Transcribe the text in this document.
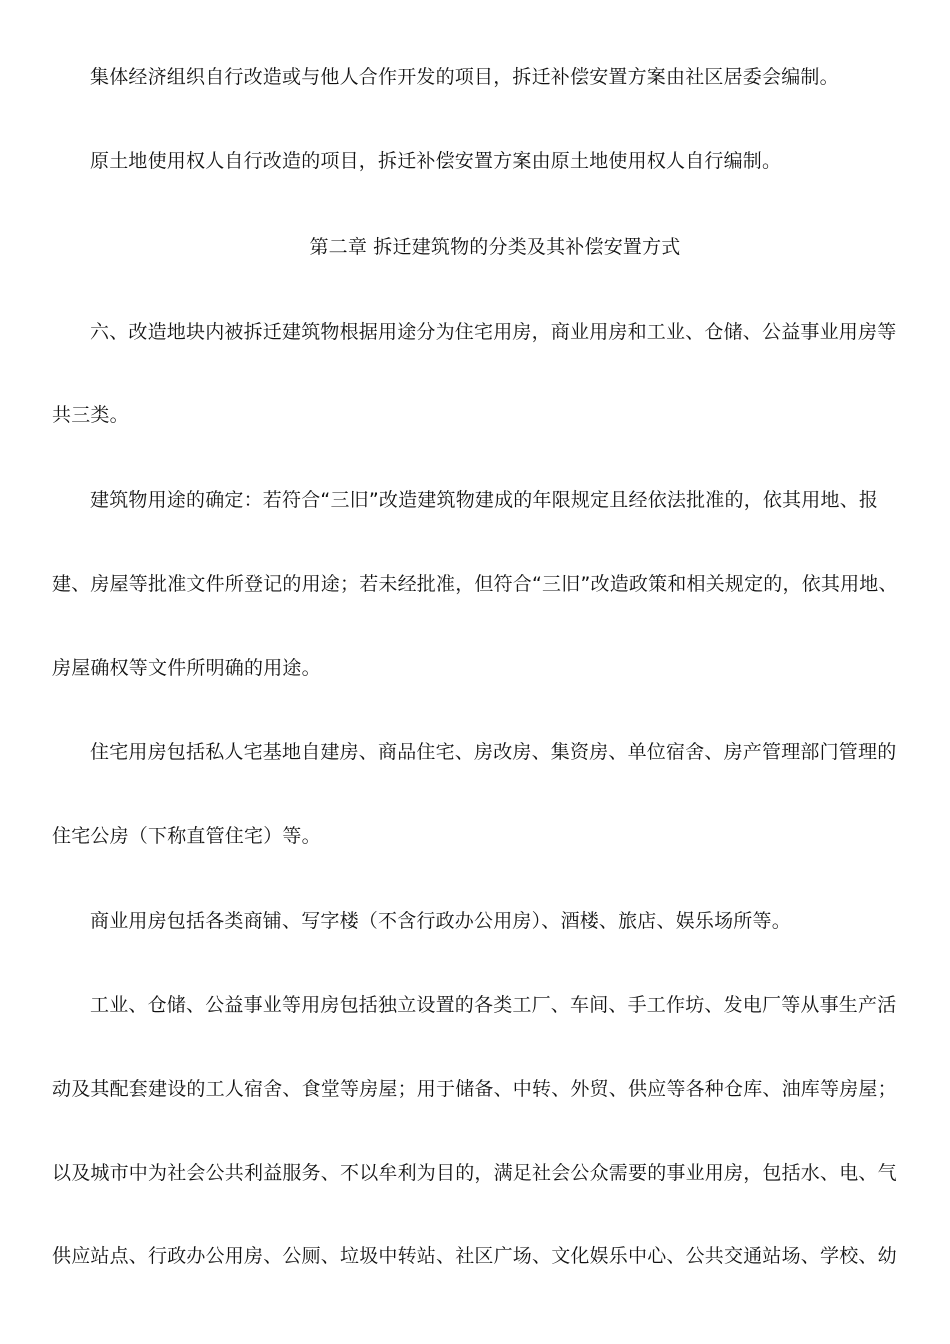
集体经济组织自行改造或与他人合作开发的项目，拆迁补偿安置方案由社区居委会编制。
原土地使用权人自行改造的项目，拆迁补偿安置方案由原土地使用权人自行编制。
第二章 拆迁建筑物的分类及其补偿安置方式
六、改造地块内被拆迁建筑物根据用途分为住宅用房，商业用房和工业、仓储、公益事业用房等
共三类。
建筑物用途的确定：若符合“三旧”改造建筑物建成的年限规定且经依法批准的，依其用地、报
建、房屋等批准文件所登记的用途；若未经批准，但符合“三旧”改造政策和相关规定的，依其用地、
房屋确权等文件所明确的用途。
住宅用房包括私人宅基地自建房、商品住宅、房改房、集资房、单位宿舍、房产管理部门管理的
住宅公房（下称直管住宅）等。
商业用房包括各类商铺、写字楼（不含行政办公用房）、酒楼、旅店、娱乐场所等。
工业、仓储、公益事业等用房包括独立设置的各类工厂、车间、手工作坊、发电厂等从事生产活
动及其配套建设的工人宿舍、食堂等房屋；用于储备、中转、外贸、供应等各种仓库、油库等房屋；
以及城市中为社会公共利益服务、不以牟利为目的，满足社会公众需要的事业用房，包括水、电、气
供应站点、行政办公用房、公厕、垃圾中转站、社区广场、文化娱乐中心、公共交通站场、学校、幼
